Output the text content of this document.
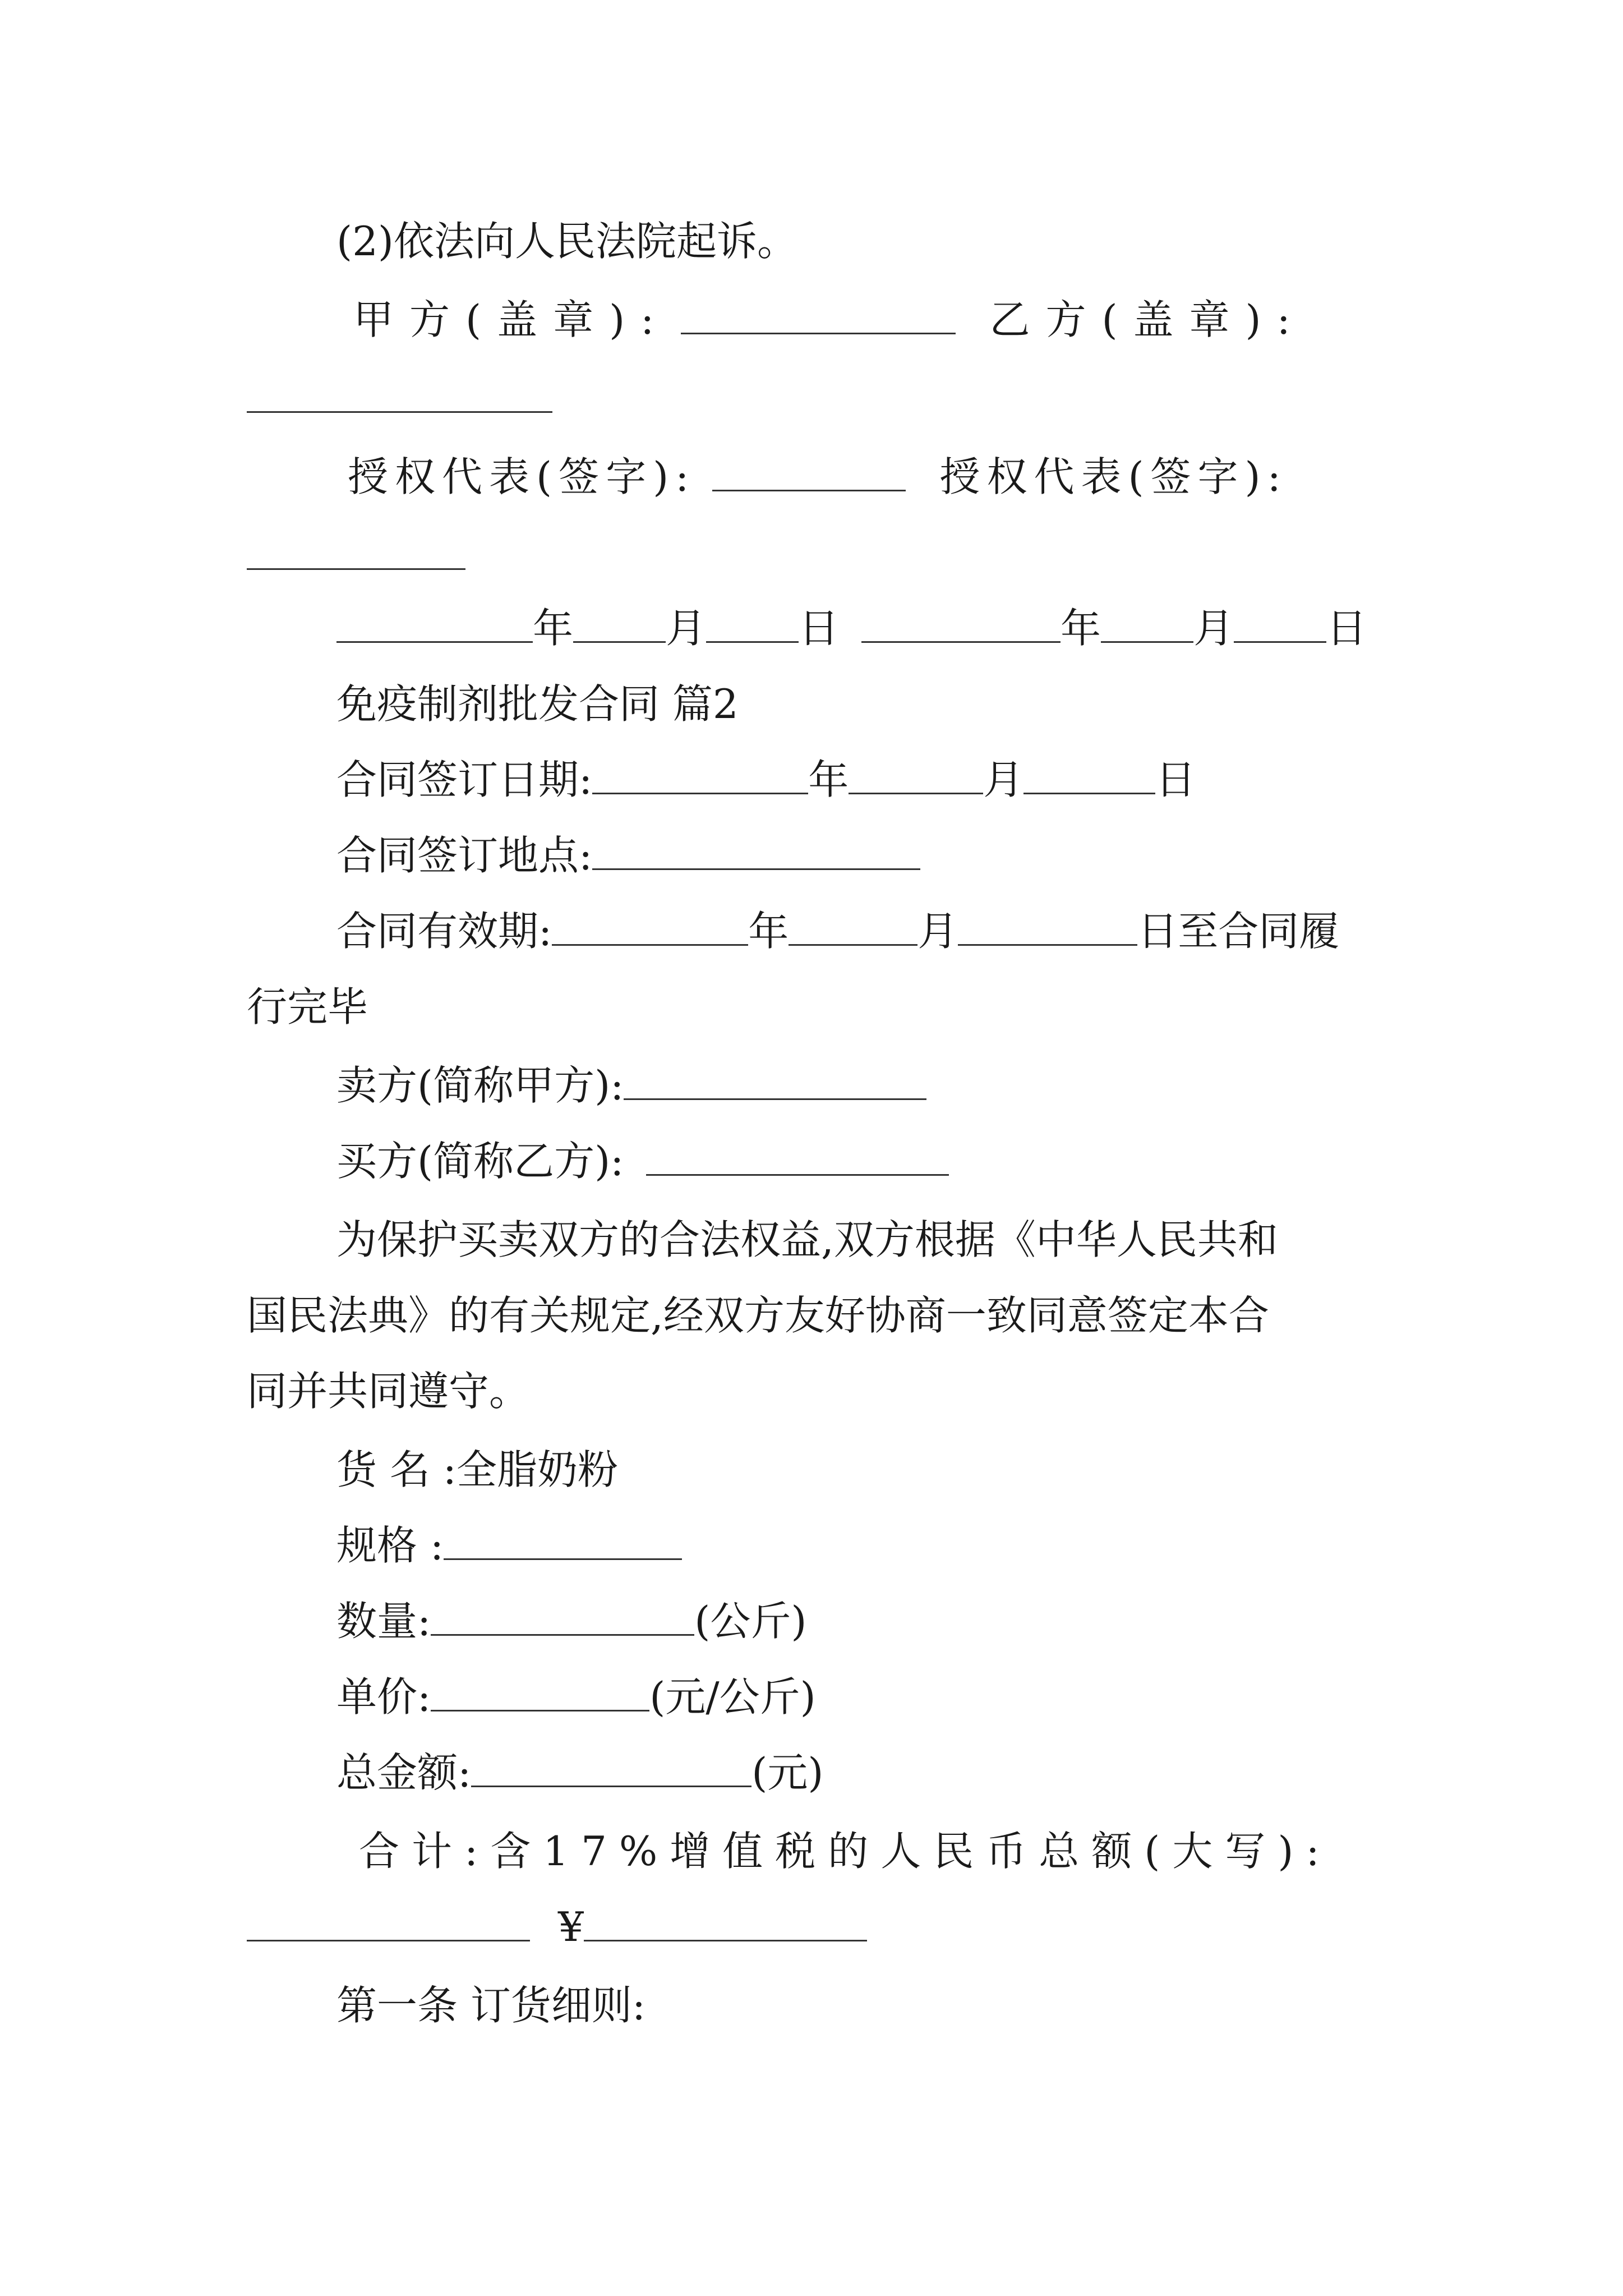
(2)依法向人民法院起诉。
甲方(盖章):	乙方(盖章):
授权代表(签字):	授权代表(签字):
年 月 日	年 月 日
免疫制剂批发合同 篇2
合同签订日期:	年	月	日
合同签订地点:
合同有效期:	年	月	日至合同履
行完毕
卖方(简称甲方):
买方(简称乙方):
为保护买卖双方的合法权益,双方根据《中华人民共和
国民法典》的有关规定,经双方友好协商一致同意签定本合
同并共同遵守。
货 名 :全脂奶粉
规格 :
数量:	(公斤)
单价:	(元/公斤)
总金额:	(元)
合计:含17%增值税的人民币总额(大写):
¥
第一条 订货细则:
